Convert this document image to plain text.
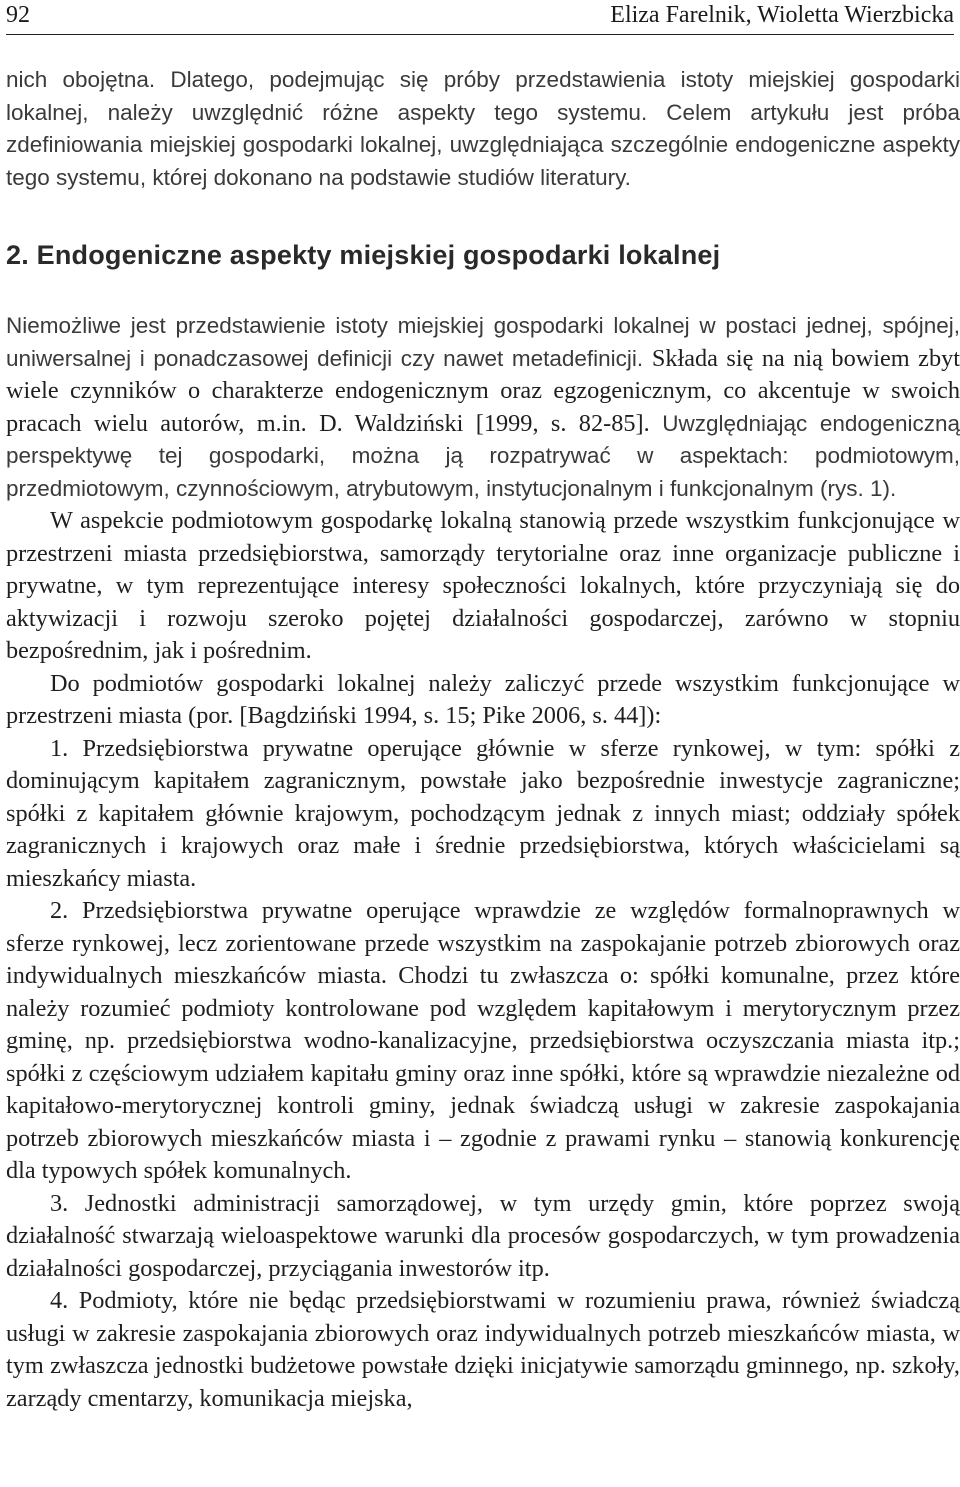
92	Eliza Farelnik, Wioletta Wierzbicka

nich obojętna. Dlatego, podejmując się próby przedstawienia istoty miejskiej gospodarki lokalnej, należy uwzględnić różne aspekty tego systemu. Celem artykułu jest próba zdefiniowania miejskiej gospodarki lokalnej, uwzględniająca szczególnie endogeniczne aspekty tego systemu, której dokonano na podstawie studiów literatury.

2. Endogeniczne aspekty miejskiej gospodarki lokalnej

Niemożliwe jest przedstawienie istoty miejskiej gospodarki lokalnej w postaci jednej, spójnej, uniwersalnej i ponadczasowej definicji czy nawet metadefinicji. Składa się na nią bowiem zbyt wiele czynników o charakterze endogenicznym oraz egzogenicznym, co akcentuje w swoich pracach wielu autorów, m.in. D. Waldziński [1999, s. 82-85]. Uwzględniając endogeniczną perspektywę tej gospodarki, można ją rozpatrywać w aspektach: podmiotowym, przedmiotowym, czynnościowym, atrybutowym, instytucjonalnym i funkcjonalnym (rys. 1).

W aspekcie podmiotowym gospodarkę lokalną stanowią przede wszystkim funkcjonujące w przestrzeni miasta przedsiębiorstwa, samorządy terytorialne oraz inne organizacje publiczne i prywatne, w tym reprezentujące interesy społeczności lokalnych, które przyczyniają się do aktywizacji i rozwoju szeroko pojętej działalności gospodarczej, zarówno w stopniu bezpośrednim, jak i pośrednim.

Do podmiotów gospodarki lokalnej należy zaliczyć przede wszystkim funkcjonujące w przestrzeni miasta (por. [Bagdziński 1994, s. 15; Pike 2006, s. 44]):

1. Przedsiębiorstwa prywatne operujące głównie w sferze rynkowej, w tym: spółki z dominującym kapitałem zagranicznym, powstałe jako bezpośrednie inwestycje zagraniczne; spółki z kapitałem głównie krajowym, pochodzącym jednak z innych miast; oddziały spółek zagranicznych i krajowych oraz małe i średnie przedsiębiorstwa, których właścicielami są mieszkańcy miasta.

2. Przedsiębiorstwa prywatne operujące wprawdzie ze względów formalnoprawnych w sferze rynkowej, lecz zorientowane przede wszystkim na zaspokajanie potrzeb zbiorowych oraz indywidualnych mieszkańców miasta. Chodzi tu zwłaszcza o: spółki komunalne, przez które należy rozumieć podmioty kontrolowane pod względem kapitałowym i merytorycznym przez gminę, np. przedsiębiorstwa wodno-kanalizacyjne, przedsiębiorstwa oczyszczania miasta itp.; spółki z częściowym udziałem kapitału gminy oraz inne spółki, które są wprawdzie niezależne od kapitałowo-merytorycznej kontroli gminy, jednak świadczą usługi w zakresie zaspokajania potrzeb zbiorowych mieszkańców miasta i – zgodnie z prawami rynku – stanowią konkurencję dla typowych spółek komunalnych.

3. Jednostki administracji samorządowej, w tym urzędy gmin, które poprzez swoją działalność stwarzają wieloaspektowe warunki dla procesów gospodarczych, w tym prowadzenia działalności gospodarczej, przyciągania inwestorów itp.

4. Podmioty, które nie będąc przedsiębiorstwami w rozumieniu prawa, również świadczą usługi w zakresie zaspokajania zbiorowych oraz indywidualnych potrzeb mieszkańców miasta, w tym zwłaszcza jednostki budżetowe powstałe dzięki inicjatywie samorządu gminnego, np. szkoły, zarządy cmentarzy, komunikacja miejska,
